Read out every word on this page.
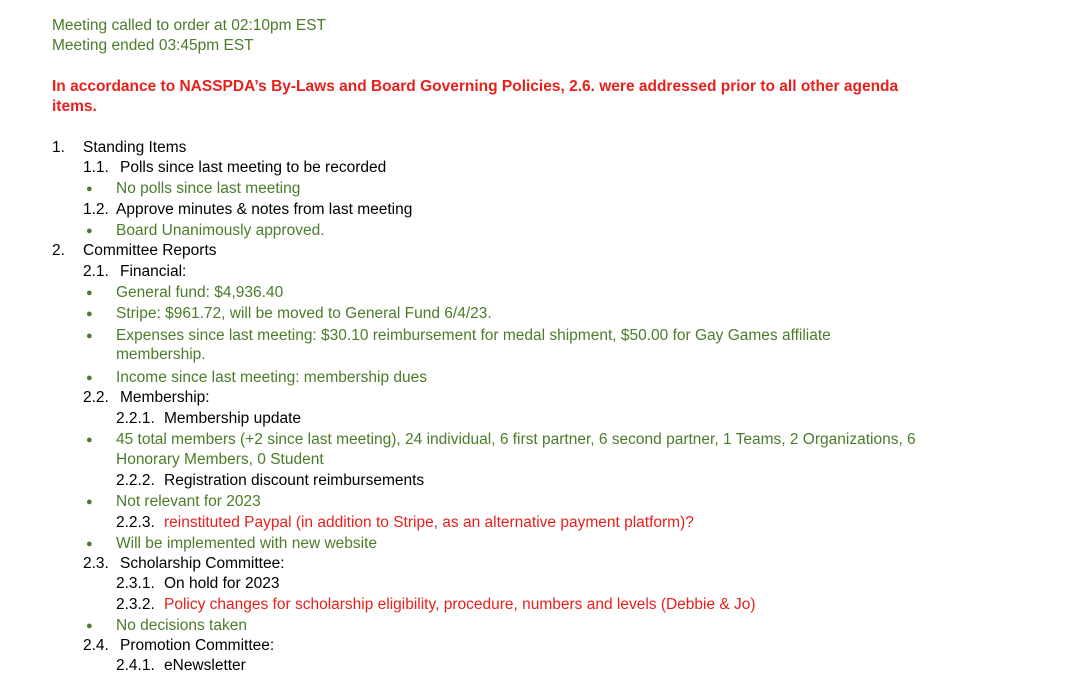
Meeting called to order at 02:10pm EST
Meeting ended 03:45pm EST
In accordance to NASSPDA’s By-Laws and Board Governing Policies, 2.6. were addressed prior to all other agenda
items.
1. Standing Items
1.1. Polls since last meeting to be recorded
● No polls since last meeting
1.2. Approve minutes & notes from last meeting
● Board Unanimously approved.
2. Committee Reports
2.1. Financial:
● General fund: $4,936.40
● Stripe: $961.72, will be moved to General Fund 6/4/23.
● Expenses since last meeting: $30.10 reimbursement for medal shipment, $50.00 for Gay Games affiliate
membership.
● Income since last meeting: membership dues
2.2. Membership:
2.2.1. Membership update
● 45 total members (+2 since last meeting), 24 individual, 6 first partner, 6 second partner, 1 Teams, 2 Organizations, 6
Honorary Members, 0 Student
2.2.2. Registration discount reimbursements
● Not relevant for 2023
2.2.3. reinstituted Paypal (in addition to Stripe, as an alternative payment platform)?
● Will be implemented with new website
2.3. Scholarship Committee:
2.3.1. On hold for 2023
2.3.2. Policy changes for scholarship eligibility, procedure, numbers and levels (Debbie & Jo)
● No decisions taken
2.4. Promotion Committee:
2.4.1. eNewsletter
